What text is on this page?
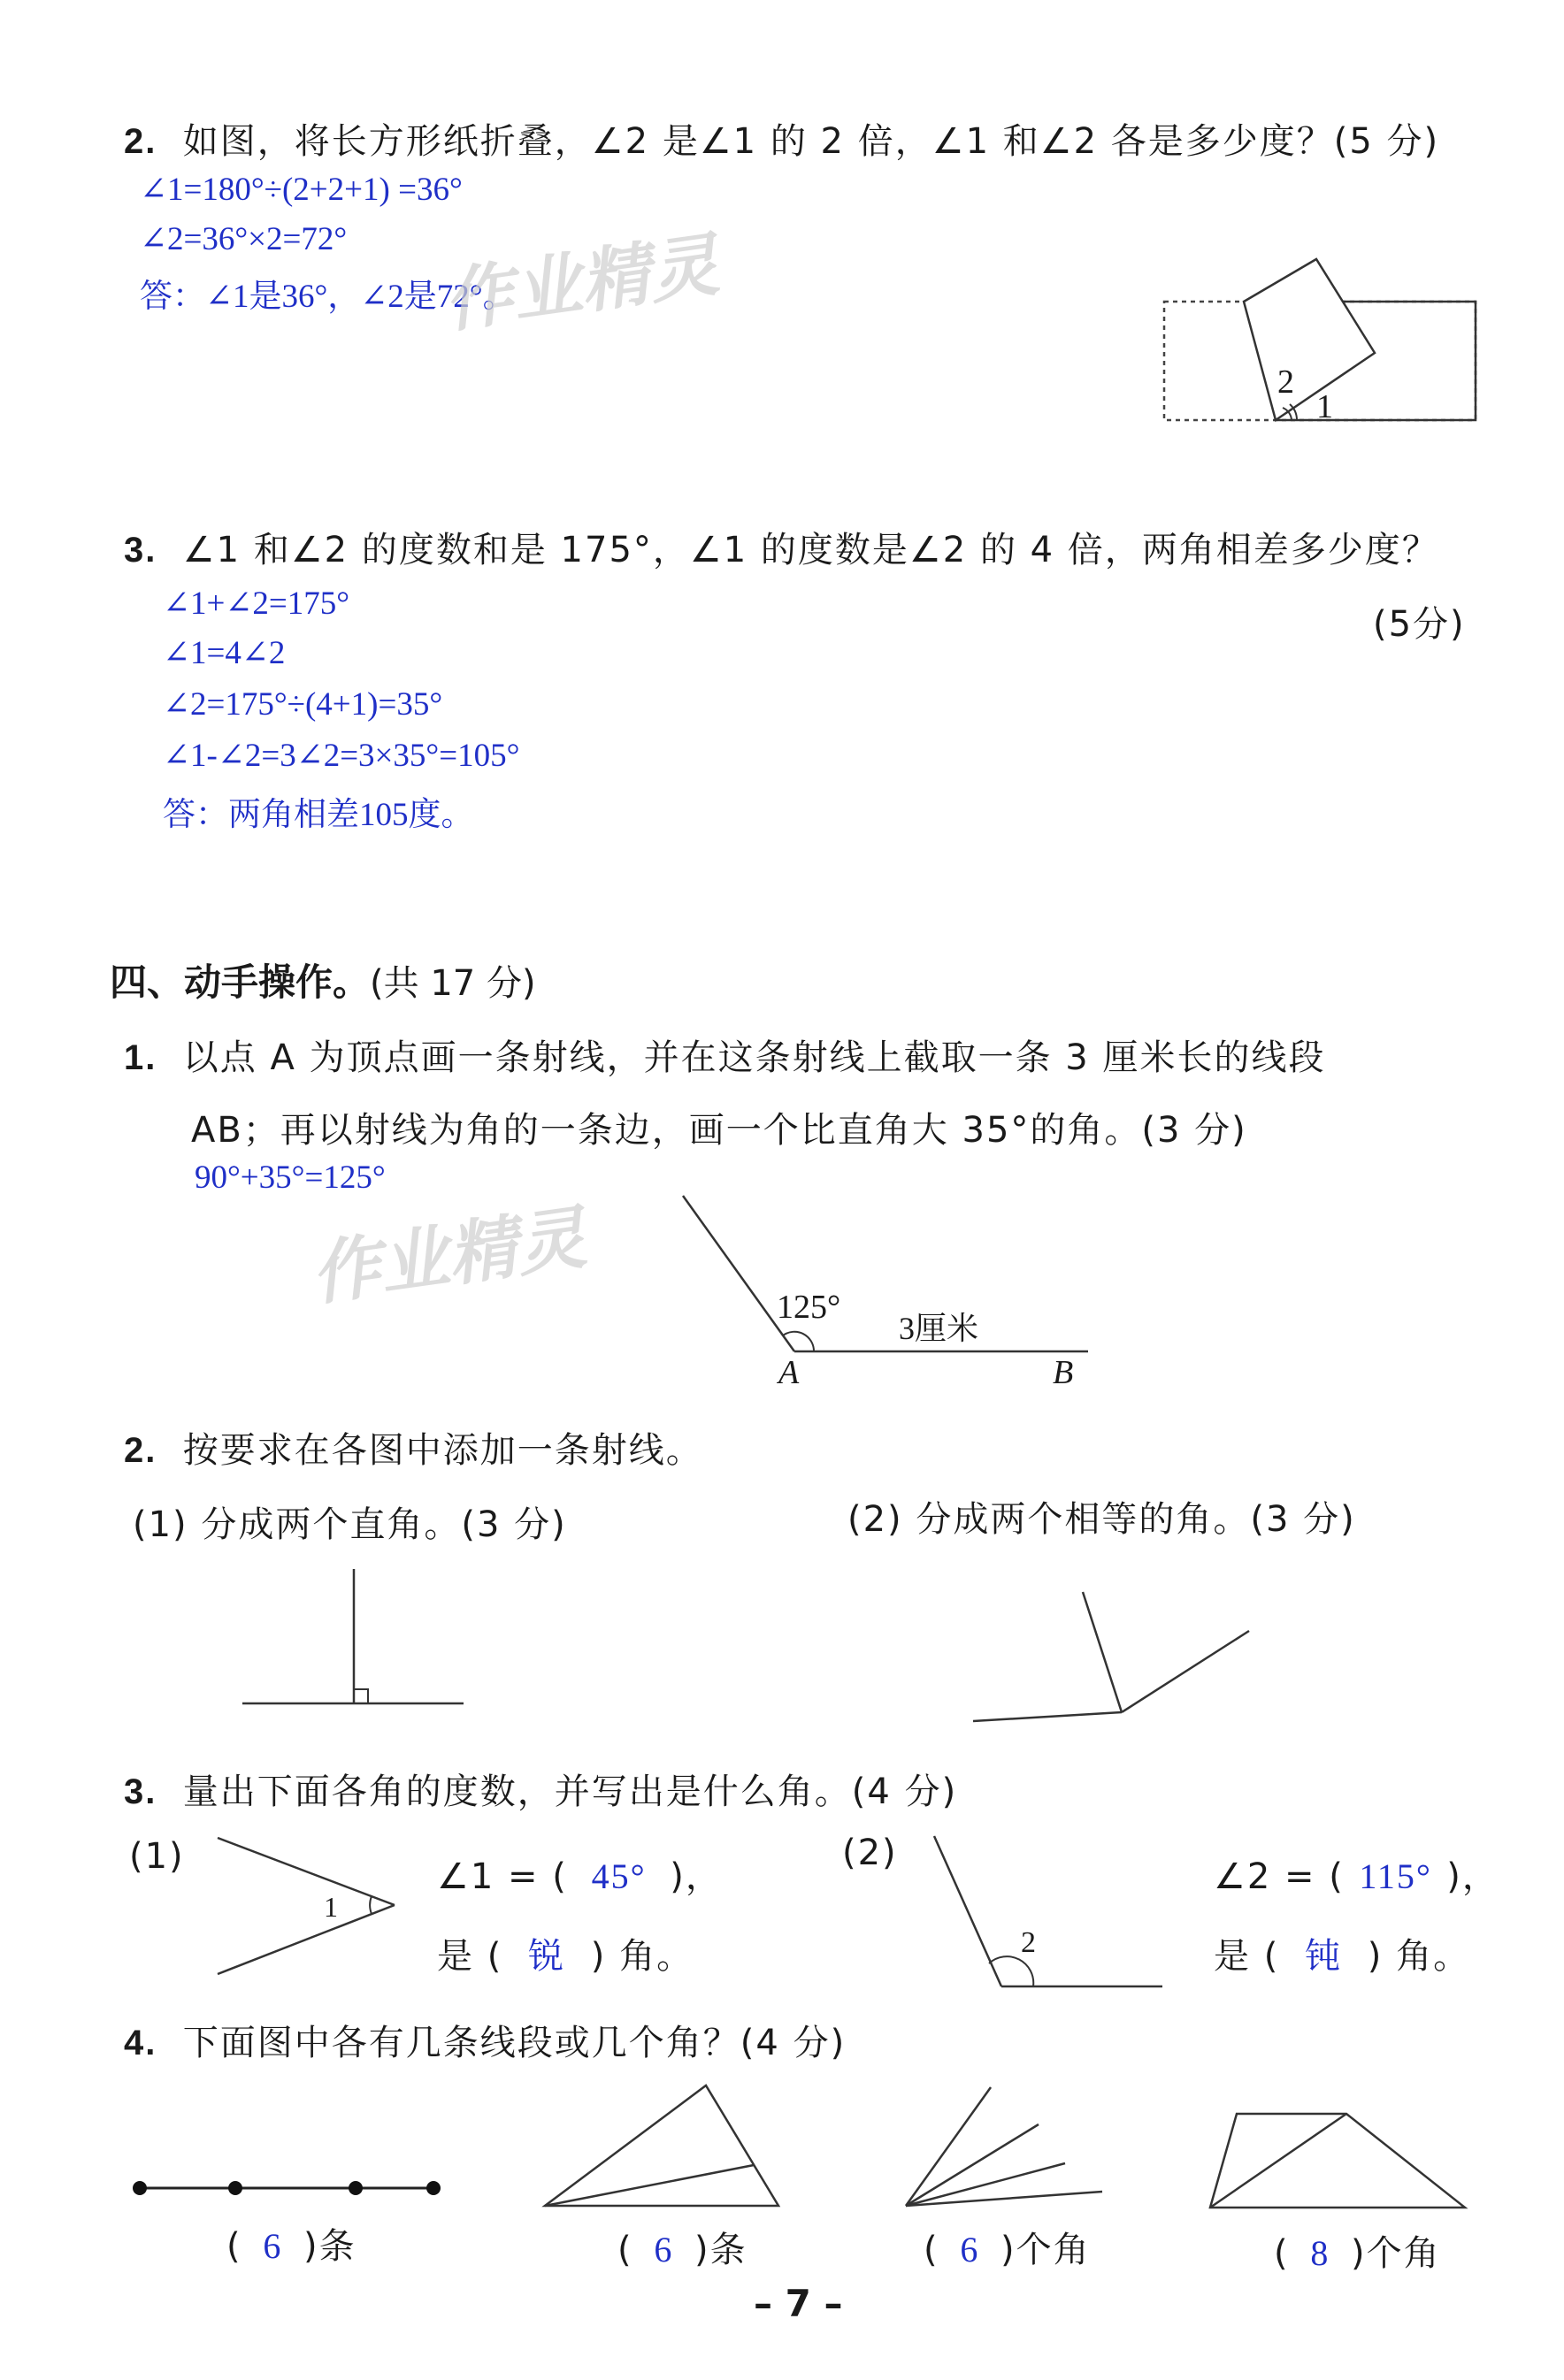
2. 如图，将长方形纸折叠，∠2 是∠1 的 2 倍，∠1 和∠2 各是多少度？(5 分)
∠1=180°÷(2+2+1) =36°
∠2=36°×2=72°
答：∠1是36°，∠2是72°。
作业精灵
2
1
3. ∠1 和∠2 的度数和是 175°，∠1 的度数是∠2 的 4 倍，两角相差多少度？
(5分)
∠1+∠2=175°
∠1=4∠2
∠2=175°÷(4+1)=35°
∠1-∠2=3∠2=3×35°=105°
答：两角相差105度。
四、动手操作。(共 17 分)
1. 以点 A 为顶点画一条射线，并在这条射线上截取一条 3 厘米长的线段
AB；再以射线为角的一条边，画一个比直角大 35°的角。(3 分)
90°+35°=125°
作业精灵	125°
3厘米
A	B
2. 按要求在各图中添加一条射线。
(1) 分成两个直角。(3 分)	(2) 分成两个相等的角。(3 分)
3. 量出下面各角的度数，并写出是什么角。(4 分)
(1)
1
∠1 = ( 45° )，
是 ( 锐 ) 角。
(2)
2
∠2 = ( 115° )，
是 ( 钝 ) 角。
4. 下面图中各有几条线段或几个角？(4 分)
( 6 )条	( 6 )条	( 6 )个角	( 8 )个角
– 7 –
